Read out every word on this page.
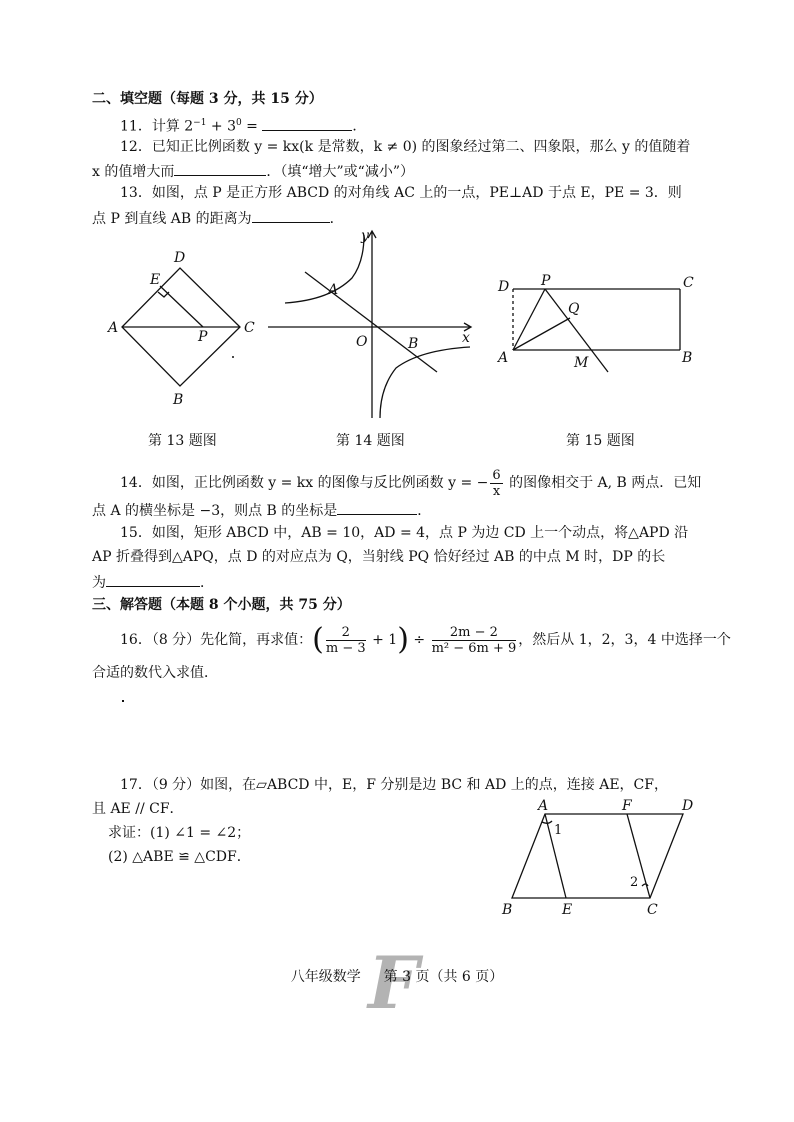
二、填空题（每题 3 分，共 15 分）
11．计算 $2^{-1} + 3^0$ =	．
12．已知正比例函数 y = kx(k 是常数，k ≠ 0) 的图象经过第二、四象限，那么 y 的值随着
x 的值增大而	．（填“增大”或“减小”）
13．如图，点 P 是正方形 ABCD 的对角线 AC 上的一点，PE⊥AD 于点 E，PE = 3．则
点 P 到直线 AB 的距离为	．
D
E
A
P
C
B
y
A
O	x
B
D P	C
Q
A	M	B
第 13 题图	第 14 题图	第 15 题图
14．如图，正比例函数 y = kx 的图像与反比例函数 y = − $\frac{6}{x}$ 的图像相交于 A, B 两点．已知
点 A 的横坐标是 −3，则点 B 的坐标是	．
15．如图，矩形 ABCD 中，AB = 10，AD = 4，点 P 为边 CD 上一个动点，将△APD 沿
AP 折叠得到△APQ，点 D 的对应点为 Q，当射线 PQ 恰好经过 AB 的中点 M 时，DP 的长
为	．
三、解答题（本题 8 个小题，共 75 分）
16．（8 分）先化简，再求值：( $\frac{2}{m - 3} + 1) \div \frac{2m - 2}{\text{m² − 6m + 9}}$ ，然后从 1，2，3，4 中选择一个
合适的数代入求值．
17．（9 分）如图，在▱ABCD 中，E，F 分别是边 BC 和 AD 上的点，连接 AE，CF，
且 AE // CF．
求证：(1) ∠1 = ∠2；
(2) △ABE ≌ △CDF．
A	F	D
1
2
B	E	C
F
八年级数学 第 3 页（共 6 页）
